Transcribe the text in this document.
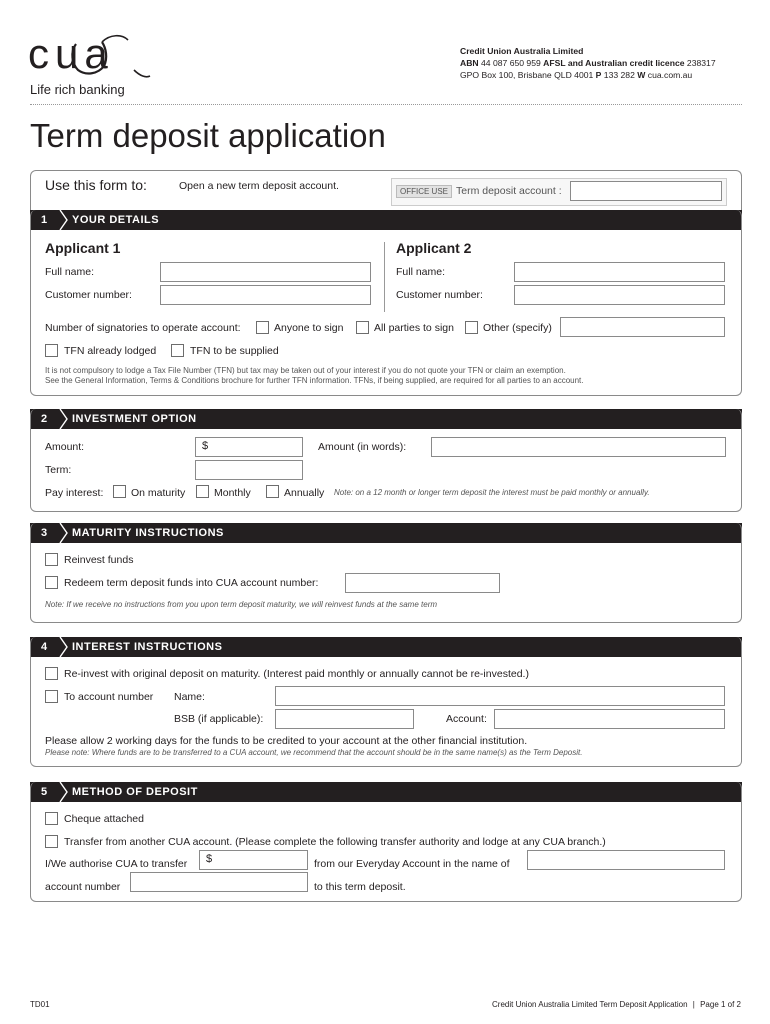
cua
Life rich banking
Credit Union Australia Limited
ABN 44 087 650 959 AFSL and Australian credit licence 238317
GPO Box 100, Brisbane QLD 4001 P 133 282 W cua.com.au
Term deposit application
Use this form to:	Open a new term deposit account.	OFFICE USE Term deposit account :
1	YOUR DETAILS
Applicant 1	Applicant 2
Full name:
Customer number:
Full name:
Customer number:
Number of signatories to operate account:	Anyone to sign	All parties to sign	Other (specify)
TFN already lodged	TFN to be supplied
It is not compulsory to lodge a Tax File Number (TFN) but tax may be taken out of your interest if you do not quote your TFN or claim an exemption.
See the General Information, Terms & Conditions brochure for further TFN information. TFNs, if being supplied, are required for all parties to an account.
2	INVESTMENT OPTION
Amount:	$	Amount (in words):
Term:
Pay interest:	On maturity	Monthly	Annually Note: on a 12 month or longer term deposit the interest must be paid monthly or annually.
3	MATURITY INSTRUCTIONS
Reinvest funds
Redeem term deposit funds into CUA account number:
Note: If we receive no instructions from you upon term deposit maturity, we will reinvest funds at the same term
4	INTEREST INSTRUCTIONS
Re-invest with original deposit on maturity. (Interest paid monthly or annually cannot be re-invested.)
To account number Name:
BSB (if applicable):	Account:
Please allow 2 working days for the funds to be credited to your account at the other financial institution.
Please note: Where funds are to be transferred to a CUA account, we recommend that the account should be in the same name(s) as the Term Deposit.
5	METHOD OF DEPOSIT
Cheque attached
Transfer from another CUA account. (Please complete the following transfer authority and lodge at any CUA branch.)
I/We authorise CUA to transfer	$	from our Everyday Account in the name of
account number	to this term deposit.
TD01	Credit Union Australia Limited Term Deposit Application | Page 1 of 2
